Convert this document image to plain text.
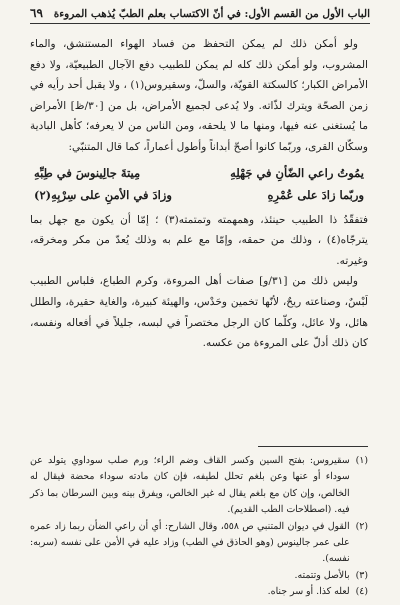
الباب الأول من القسم الأول: في أنّ الاكتساب بعلم الطبّ يُذهب المروءة
٦٩

ولو أمكن ذلك لم يمكن التحفظ من فساد الهواء المستنشق، والماء المشروب، ولو أمكن ذلك كله لم يمكن للطبيب دفع الآجال الطبيعيّة، ولا دفع الأمراض الكبار؛ كالسكتة القويّة، والسلّ، وسقيروس(١) ، ولا يقبل أحد رأيه في زمن الصحّة ويترك لذّاته. ولا يُدعى لجميع الأمراض، بل من [٣٠/ظ] الأمراض ما يُستغنى عنه فيها، ومنها ما لا يلحقه، ومن الناس من لا يعرفه؛ كأهل البادية وسكّان القرى، وربّما كانوا أصحّ أبداناً وأطول أعماراً، كما قال المتنبّي:

يمُوتُ راعي الضّأنِ في جَهْلِهِ
مِيتةَ جالِينوسَ في طِبِّهِ
وربّما زادَ على عُمْرِهِ
وزادَ في الأمنِ على سِرْبِهِ(٢)

فتفقّدُ ذا الطبيب حينئذ، وهمهمته وتمتمته(٣) ؛ إمّا أن يكون مع جهل بما يترجّاه(٤) ، وذلك من حمقه، وإمّا مع علم به وذلك يُعدّ من مكر ومخرقه، وغيرته.

وليس ذلك من [٣١/و] صفات أهل المروءة، وكرم الطباع، فلباس الطبيب لَبْسٌ، وصناعته ريحٌ، لأنّها تخمين وحَدْس، والهيئة كبيرة، والغاية حقيرة، والطلل هائل، ولا عائل، وكلّما كان الرجل مختصراً في لبسه، جليلاً في أفعاله ونفسه، كان ذلك أدلّ على المروءة من عكسه.

(١)
سقيروس: بفتح السين وكسر القاف وضم الراء؛ ورم صلب سوداوي يتولد عن سوداء أو عنها وعن بلغم تحلل لطيفه، فإن كان مادته سوداء محضة فيقال له الخالص، وإن كان مع بلغم يقال له غير الخالص، ويفرق بينه وبين السرطان بما ذكر فيه. (اصطلاحات الطب القديم).
(٢)
القول في ديوان المتنبي ص ٥٥٨، وقال الشارح: أي أن راعي الضأن ربما زاد عمره على عمر جالينوس (وهو الحاذق في الطب) وزاد عليه في الأمن على نفسه (سربه: نفسه).
(٣)
بالأصل وتتمته.
(٤)
لعله كذا. أو سر جناه.
